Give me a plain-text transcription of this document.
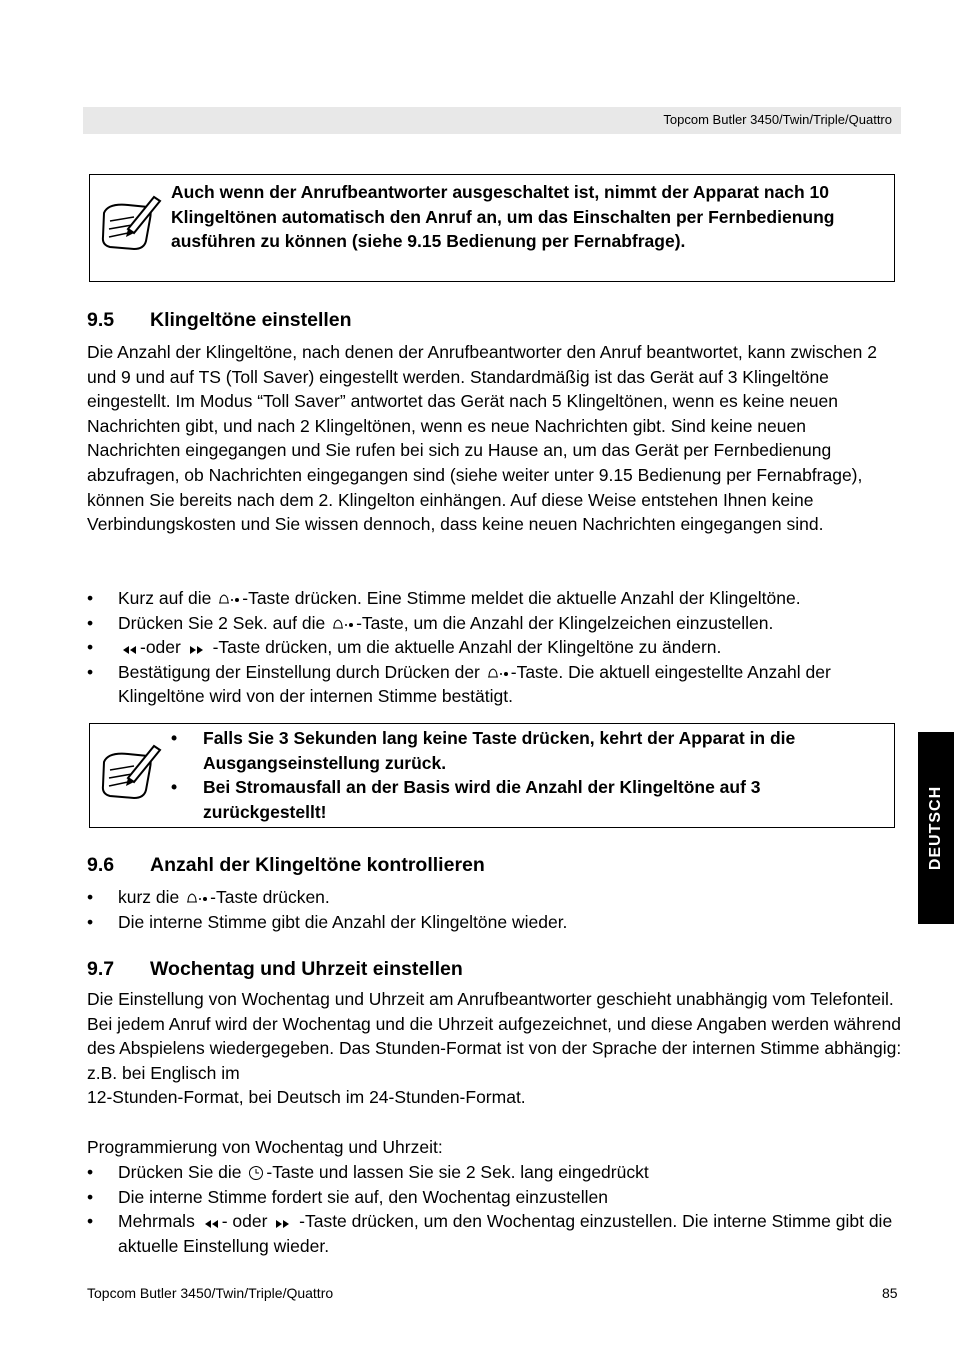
Topcom Butler 3450/Twin/Triple/Quattro
Auch wenn der Anrufbeantworter ausgeschaltet ist, nimmt der Apparat nach 10 Klingeltönen automatisch den Anruf an, um das Einschalten per Fernbedienung ausführen zu können (siehe 9.15 Bedienung per Fernabfrage).
9.5 Klingeltöne einstellen
Die Anzahl der Klingeltöne, nach denen der Anrufbeantworter den Anruf beantwortet, kann zwischen 2 und 9 und auf TS (Toll Saver) eingestellt werden. Standardmäßig ist das Gerät auf 3 Klingeltöne eingestellt. Im Modus “Toll Saver” antwortet das Gerät nach 5 Klingeltönen, wenn es keine neuen Nachrichten gibt, und nach 2 Klingeltönen, wenn es neue Nachrichten gibt. Sind keine neuen Nachrichten eingegangen und Sie rufen bei sich zu Hause an, um das Gerät per Fernbedienung abzufragen, ob Nachrichten eingegangen sind (siehe weiter unter 9.15 Bedienung per Fernabfrage), können Sie bereits nach dem 2. Klingelton einhängen. Auf diese Weise entstehen Ihnen keine Verbindungskosten und Sie wissen dennoch, dass keine neuen Nachrichten eingegangen sind.
• Kurz auf die -Taste drücken. Eine Stimme meldet die aktuelle Anzahl der Klingeltöne.
• Drücken Sie 2 Sek. auf die -Taste, um die Anzahl der Klingelzeichen einzustellen.
•	-oder  -Taste drücken, um die aktuelle Anzahl der Klingeltöne zu ändern.
• Bestätigung der Einstellung durch Drücken der -Taste. Die aktuell eingestellte Anzahl der Klingeltöne wird von der internen Stimme bestätigt.
• Falls Sie 3 Sekunden lang keine Taste drücken, kehrt der Apparat in die Ausgangseinstellung zurück.
• Bei Stromausfall an der Basis wird die Anzahl der Klingeltöne auf 3 zurückgestellt!
9.6 Anzahl der Klingeltöne kontrollieren
• kurz die -Taste drücken.
• Die interne Stimme gibt die Anzahl der Klingeltöne wieder.
9.7 Wochentag und Uhrzeit einstellen
Die Einstellung von Wochentag und Uhrzeit am Anrufbeantworter geschieht unabhängig vom Telefonteil. Bei jedem Anruf wird der Wochentag und die Uhrzeit aufgezeichnet, und diese Angaben werden während des Abspielens wiedergegeben. Das Stunden-Format ist von der Sprache der internen Stimme abhängig: z.B. bei Englisch im
12-Stunden-Format, bei Deutsch im 24-Stunden-Format.
Programmierung von Wochentag und Uhrzeit:
• Drücken Sie die -Taste und lassen Sie sie 2 Sek. lang eingedrückt
• Die interne Stimme fordert sie auf, den Wochentag einzustellen
• Mehrmals - oder  -Taste drücken, um den Wochentag einzustellen. Die interne Stimme gibt die aktuelle Einstellung wieder.
DEUTSCH
Topcom Butler 3450/Twin/Triple/Quattro	85
